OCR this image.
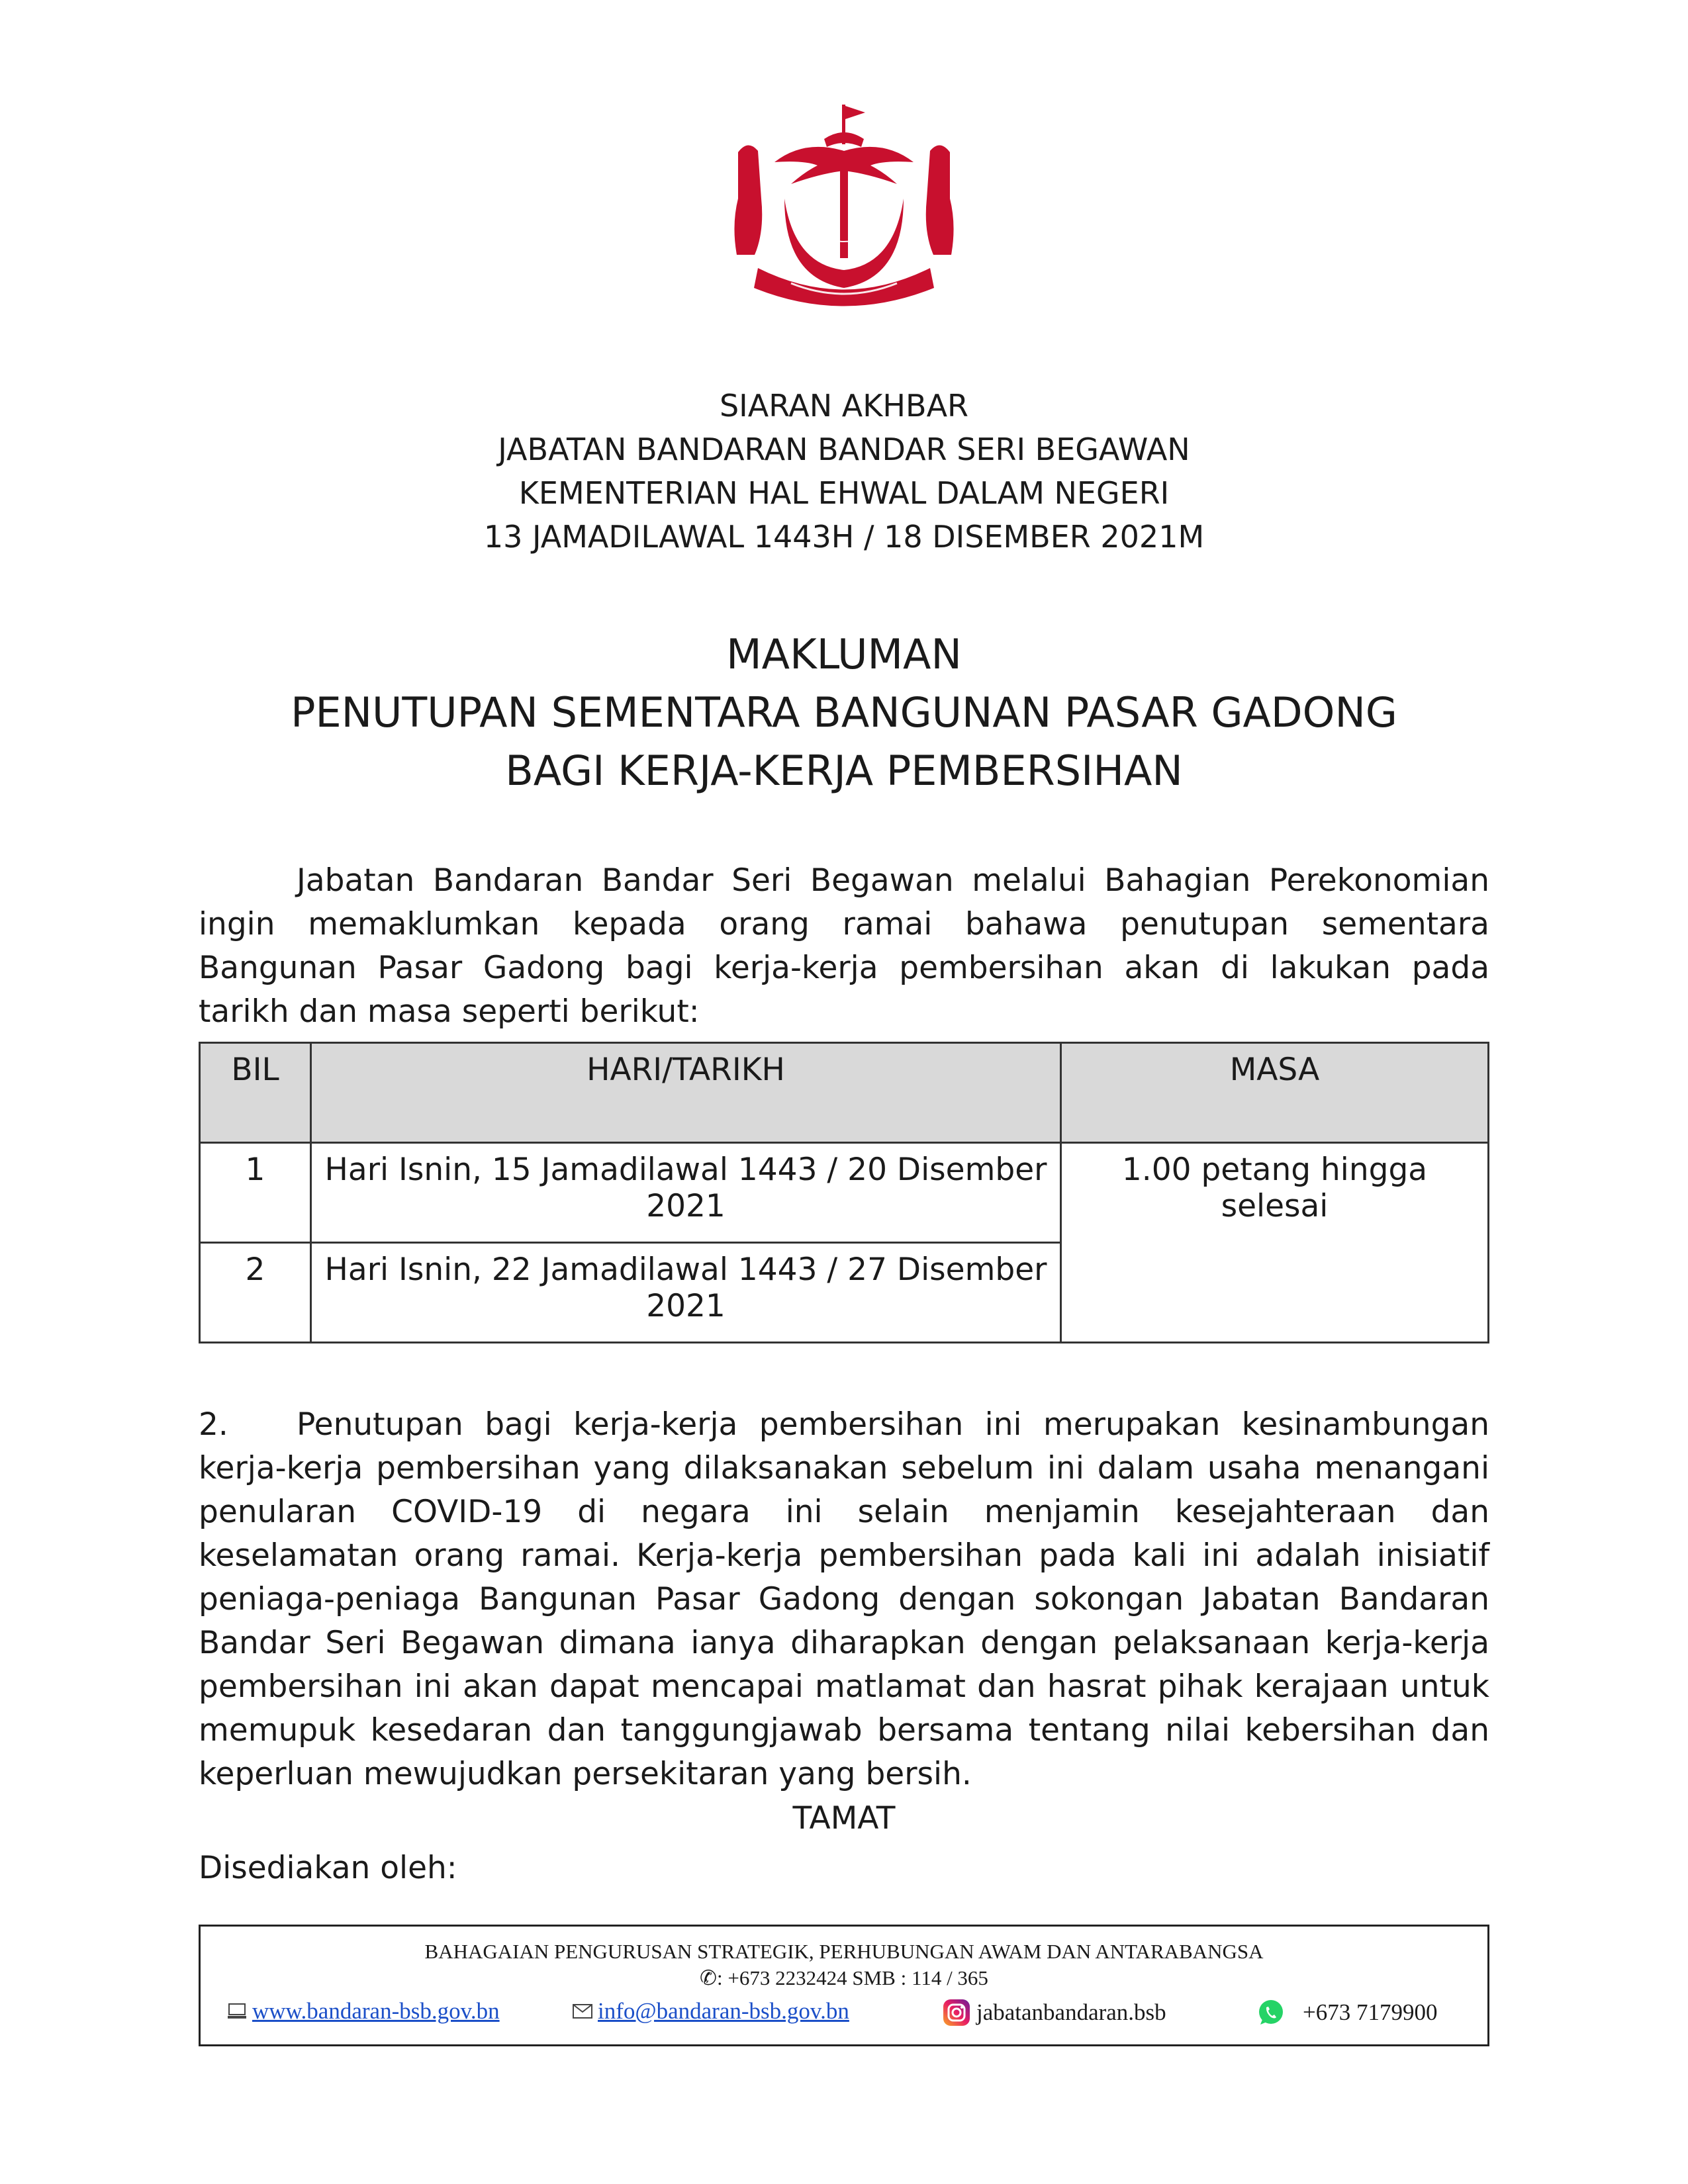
SIARAN AKHBAR
JABATAN BANDARAN BANDAR SERI BEGAWAN
KEMENTERIAN HAL EHWAL DALAM NEGERI
13 JAMADILAWAL 1443H / 18 DISEMBER 2021M
MAKLUMAN
PENUTUPAN SEMENTARA BANGUNAN PASAR GADONG
BAGI KERJA-KERJA PEMBERSIHAN
Jabatan Bandaran Bandar Seri Begawan melalui Bahagian Perekonomian ingin memaklumkan kepada orang ramai bahawa penutupan sementara Bangunan Pasar Gadong bagi kerja-kerja pembersihan akan di lakukan pada tarikh dan masa seperti berikut:
BIL	HARI/TARIKH	MASA
1	Hari Isnin, 15 Jamadilawal 1443 / 20 Disember 2021	1.00 petang hingga selesai
2	Hari Isnin, 22 Jamadilawal 1443 / 27 Disember 2021	
2. Penutupan bagi kerja-kerja pembersihan ini merupakan kesinambungan kerja-kerja pembersihan yang dilaksanakan sebelum ini dalam usaha menangani penularan COVID-19 di negara ini selain menjamin kesejahteraan dan keselamatan orang ramai. Kerja-kerja pembersihan pada kali ini adalah inisiatif peniaga-peniaga Bangunan Pasar Gadong dengan sokongan Jabatan Bandaran Bandar Seri Begawan dimana ianya diharapkan dengan pelaksanaan kerja-kerja pembersihan ini akan dapat mencapai matlamat dan hasrat pihak kerajaan untuk memupuk kesedaran dan tanggungjawab bersama tentang nilai kebersihan dan keperluan mewujudkan persekitaran yang bersih.
TAMAT
Disediakan oleh:
BAHAGAIAN PENGURUSAN STRATEGIK, PERHUBUNGAN AWAM DAN ANTARABANGSA
✆: +673 2232424 SMB : 114 / 365
www.bandaran-bsb.gov.bn	info@bandaran-bsb.gov.bn	jabatanbandaran.bsb	+673 7179900
